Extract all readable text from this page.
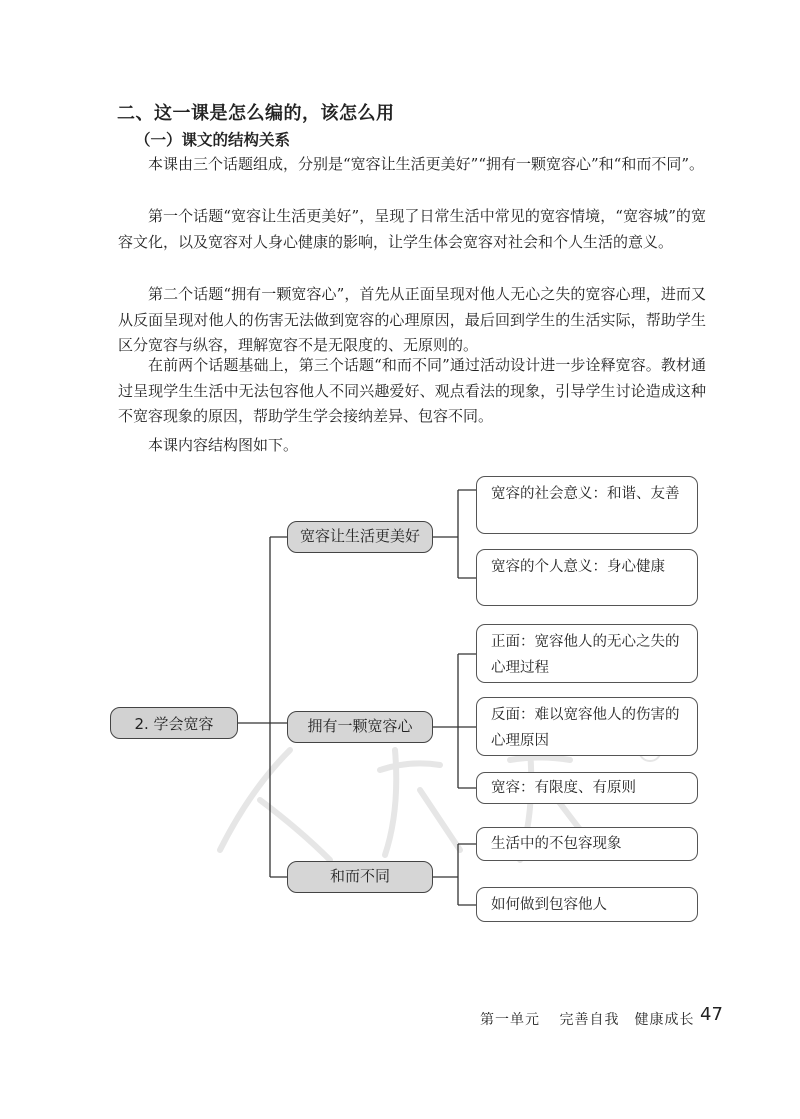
二、这一课是怎么编的，该怎么用
（一）课文的结构关系

本课由三个话题组成，分别是“宽容让生活更美好”“拥有一颗宽容心”和“和而不同”。

第一个话题“宽容让生活更美好”，呈现了日常生活中常见的宽容情境，“宽容城”的宽容文化，以及宽容对人身心健康的影响，让学生体会宽容对社会和个人生活的意义。

第二个话题“拥有一颗宽容心”，首先从正面呈现对他人无心之失的宽容心理，进而又从反面呈现对他人的伤害无法做到宽容的心理原因，最后回到学生的生活实际，帮助学生区分宽容与纵容，理解宽容不是无限度的、无原则的。

在前两个话题基础上，第三个话题“和而不同”通过活动设计进一步诠释宽容。教材通过呈现学生生活中无法包容他人不同兴趣爱好、观点看法的现象，引导学生讨论造成这种不宽容现象的原因，帮助学生学会接纳差异、包容不同。

本课内容结构图如下。

2. 学会宽容
宽容让生活更美好
拥有一颗宽容心
和而不同
宽容的社会意义：和谐、友善
宽容的个人意义：身心健康
正面：宽容他人的无心之失的心理过程
反面：难以宽容他人的伤害的心理原因
宽容：有限度、有原则
生活中的不包容现象
如何做到包容他人
第一单元 完善自我　健康成长 47
